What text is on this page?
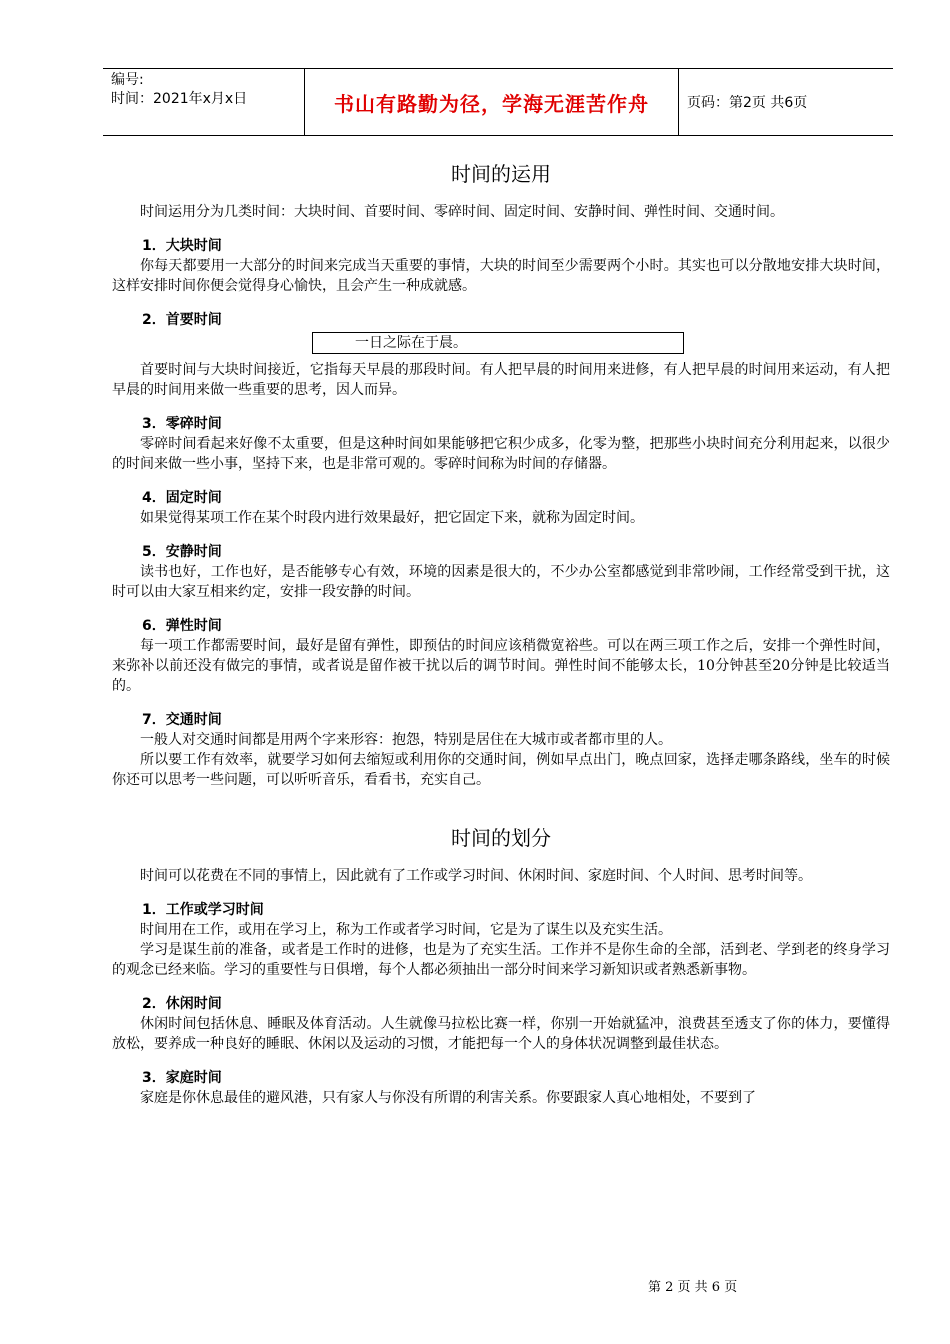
编号:
时间：2021年x月x日	书山有路勤为径，学海无涯苦作舟	页码：第2页 共6页
时间的运用

时间运用分为几类时间：大块时间、首要时间、零碎时间、固定时间、安静时间、弹性时间、交通时间。

1．大块时间

你每天都要用一大部分的时间来完成当天重要的事情，大块的时间至少需要两个小时。其实也可以分散地安排大块时间，这样安排时间你便会觉得身心愉快，且会产生一种成就感。

2．首要时间

一日之际在于晨。

首要时间与大块时间接近，它指每天早晨的那段时间。有人把早晨的时间用来进修，有人把早晨的时间用来运动，有人把早晨的时间用来做一些重要的思考，因人而异。

3．零碎时间

零碎时间看起来好像不太重要，但是这种时间如果能够把它积少成多，化零为整，把那些小块时间充分利用起来，以很少的时间来做一些小事，坚持下来，也是非常可观的。零碎时间称为时间的存储器。

4．固定时间

如果觉得某项工作在某个时段内进行效果最好，把它固定下来，就称为固定时间。

5．安静时间

读书也好，工作也好，是否能够专心有效，环境的因素是很大的，不少办公室都感觉到非常吵闹，工作经常受到干扰，这时可以由大家互相来约定，安排一段安静的时间。

6．弹性时间

每一项工作都需要时间，最好是留有弹性，即预估的时间应该稍微宽裕些。可以在两三项工作之后，安排一个弹性时间，来弥补以前还没有做完的事情，或者说是留作被干扰以后的调节时间。弹性时间不能够太长，10分钟甚至20分钟是比较适当的。

7．交通时间

一般人对交通时间都是用两个字来形容：抱怨，特别是居住在大城市或者都市里的人。

所以要工作有效率，就要学习如何去缩短或利用你的交通时间，例如早点出门，晚点回家，选择走哪条路线，坐车的时候你还可以思考一些问题，可以听听音乐，看看书，充实自己。

时间的划分

时间可以花费在不同的事情上，因此就有了工作或学习时间、休闲时间、家庭时间、个人时间、思考时间等。

1．工作或学习时间

时间用在工作，或用在学习上，称为工作或者学习时间，它是为了谋生以及充实生活。

学习是谋生前的准备，或者是工作时的进修，也是为了充实生活。工作并不是你生命的全部，活到老、学到老的终身学习的观念已经来临。学习的重要性与日俱增，每个人都必须抽出一部分时间来学习新知识或者熟悉新事物。

2．休闲时间

休闲时间包括休息、睡眠及体育活动。人生就像马拉松比赛一样，你别一开始就猛冲，浪费甚至透支了你的体力，要懂得放松，要养成一种良好的睡眠、休闲以及运动的习惯，才能把每一个人的身体状况调整到最佳状态。

3．家庭时间

家庭是你休息最佳的避风港，只有家人与你没有所谓的利害关系。你要跟家人真心地相处，不要到了

第 2 页 共 6 页
